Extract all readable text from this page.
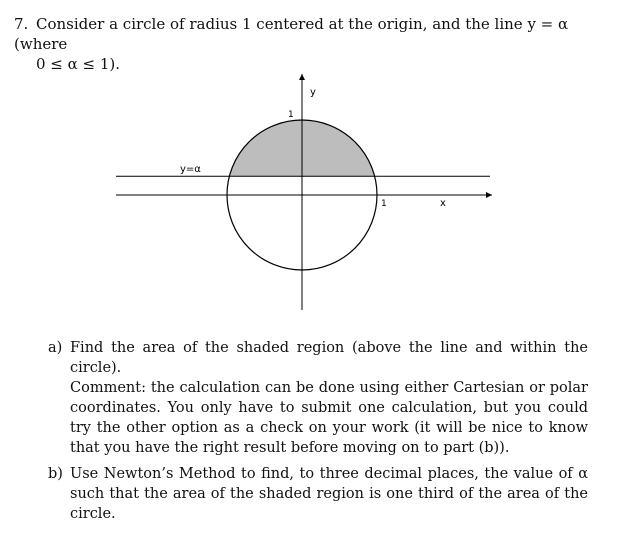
7. Consider a circle of radius 1 centered at the origin, and the line y = α (where
0 ≤ α ≤ 1).
y
x
y=α
1
1
a) Find the area of the shaded region (above the line and within the circle).
Comment: the calculation can be done using either Cartesian or polar coordinates. You only have to submit one calculation, but you could try the other option as a check on your work (it will be nice to know that you have the right result before moving on to part (b)).
b) Use Newton’s Method to find, to three decimal places, the value of α such that the area of the shaded region is one third of the area of the circle.
